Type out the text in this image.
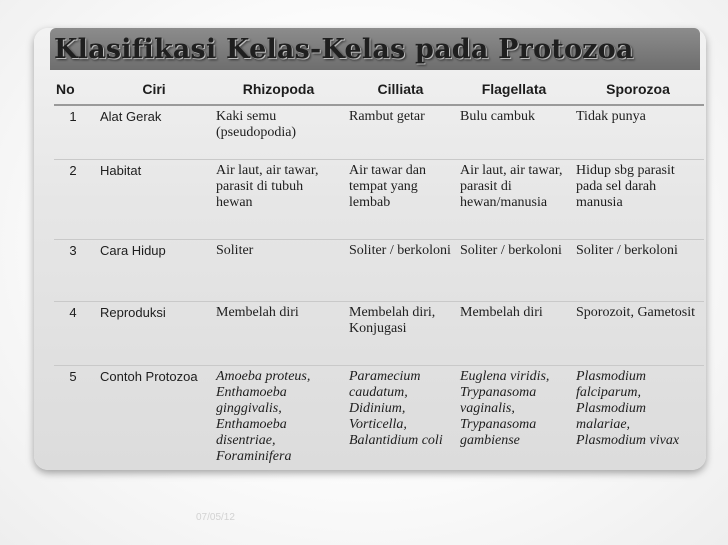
Klasifikasi Kelas-Kelas pada Protozoa
No	Ciri	Rhizopoda	Cilliata	Flagellata	Sporozoa
1	Alat Gerak	Kaki semu (pseudopodia)	Rambut getar	Bulu cambuk	Tidak punya
2	Habitat	Air laut, air tawar, parasit di tubuh hewan	Air tawar dan tempat yang lembab	Air laut, air tawar, parasit di hewan/manusia	Hidup sbg parasit pada sel darah manusia
3	Cara Hidup	Soliter	Soliter / berkoloni	Soliter / berkoloni	Soliter / berkoloni
4	Reproduksi	Membelah diri	Membelah diri, Konjugasi	Membelah diri	Sporozoit, Gametosit
5	Contoh Protozoa	Amoeba proteus, Enthamoeba ginggivalis, Enthamoeba disentriae, Foraminifera	Paramecium caudatum, Didinium, Vorticella, Balantidium coli	Euglena viridis, Trypanasoma vaginalis, Trypanasoma gambiense	Plasmodium falciparum, Plasmodium malariae, Plasmodium vivax
07/05/12
